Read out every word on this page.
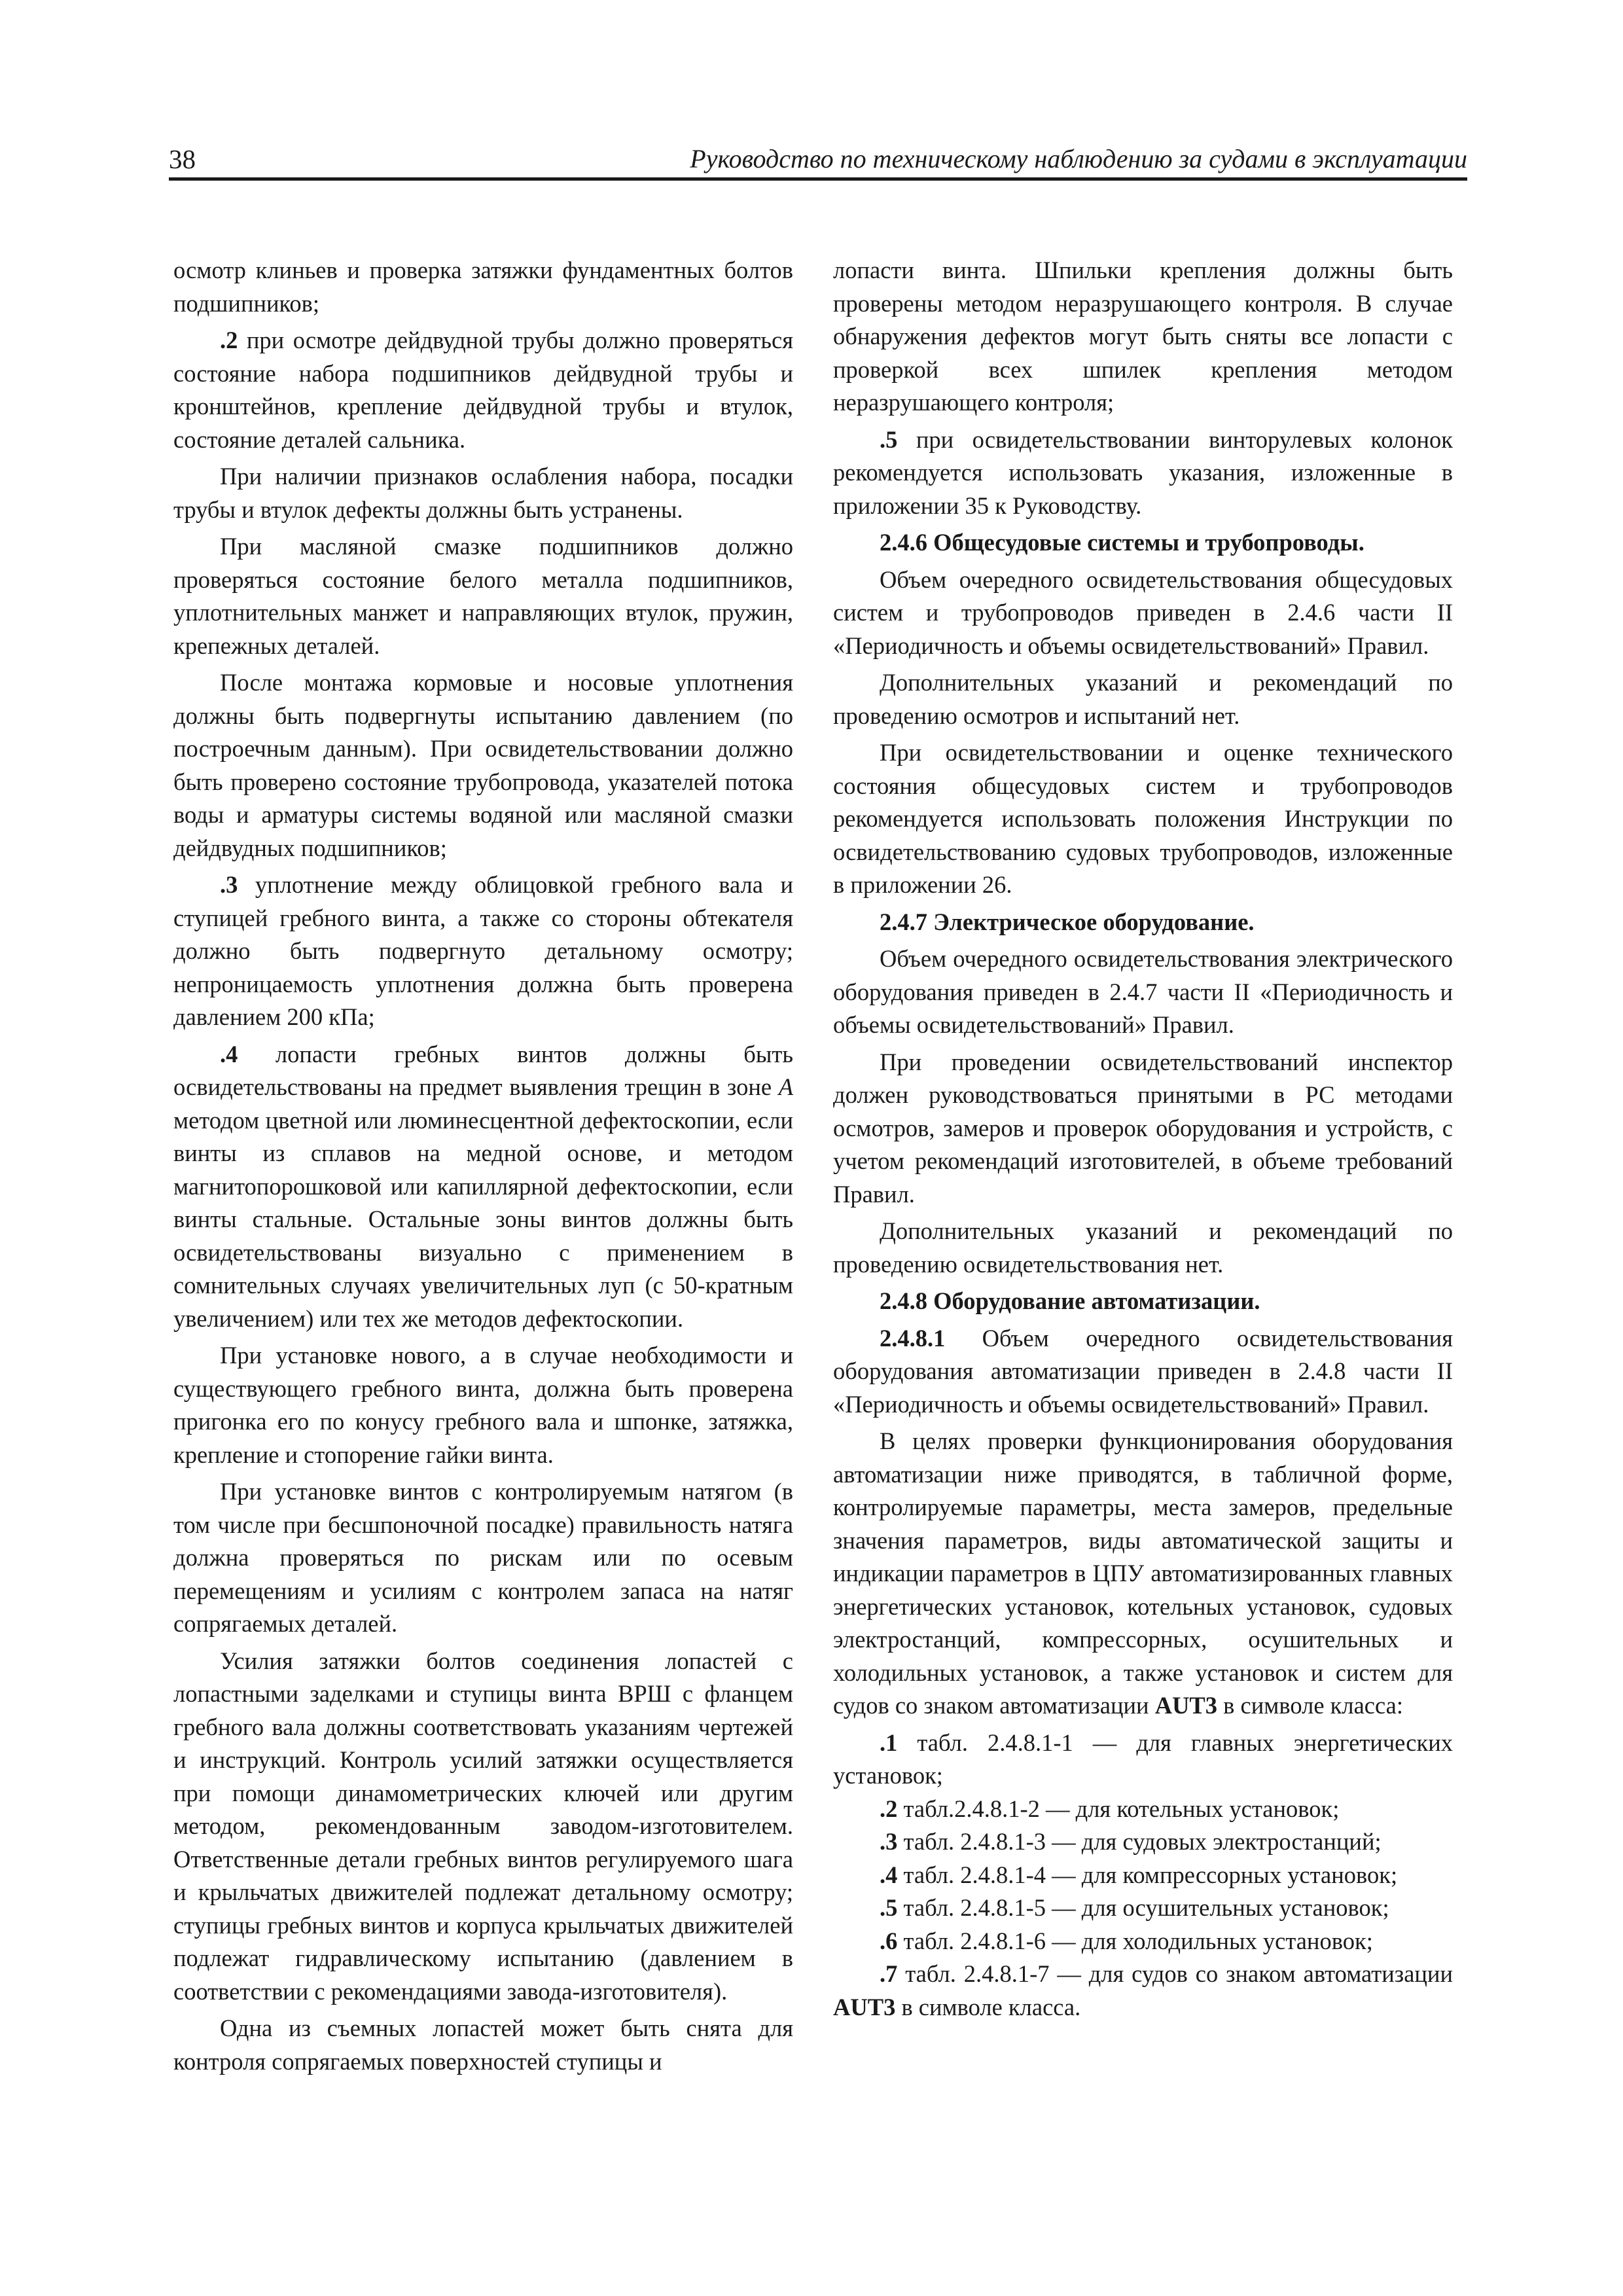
38	Руководство по техническому наблюдению за судами в эксплуатации

осмотр клиньев и проверка затяжки фундаментных болтов подшипников;

.2 при осмотре дейдвудной трубы должно проверяться состояние набора подшипников дейдвудной трубы и кронштейнов, крепление дейдвудной трубы и втулок, состояние деталей сальника.

При наличии признаков ослабления набора, посадки трубы и втулок дефекты должны быть устранены.

При масляной смазке подшипников должно проверяться состояние белого металла подшипников, уплотнительных манжет и направляющих втулок, пружин, крепежных деталей.

После монтажа кормовые и носовые уплотнения должны быть подвергнуты испытанию давлением (по построечным данным). При освидетельствовании должно быть проверено состояние трубопровода, указателей потока воды и арматуры системы водяной или масляной смазки дейдвудных подшипников;

.3 уплотнение между облицовкой гребного вала и ступицей гребного винта, а также со стороны обтекателя должно быть подвергнуто детальному осмотру; непроницаемость уплотнения должна быть проверена давлением 200 кПа;

.4 лопасти гребных винтов должны быть освидетельствованы на предмет выявления трещин в зоне А методом цветной или люминесцентной дефектоскопии, если винты из сплавов на медной основе, и методом магнитопорошковой или капиллярной дефектоскопии, если винты стальные. Остальные зоны винтов должны быть освидетельствованы визуально с применением в сомнительных случаях увеличительных луп (с 50-кратным увеличением) или тех же методов дефектоскопии.

При установке нового, а в случае необходимости и существующего гребного винта, должна быть проверена пригонка его по конусу гребного вала и шпонке, затяжка, крепление и стопорение гайки винта.

При установке винтов с контролируемым натягом (в том числе при бесшпоночной посадке) правильность натяга должна проверяться по рискам или по осевым перемещениям и усилиям с контролем запаса на натяг сопрягаемых деталей.

Усилия затяжки болтов соединения лопастей с лопастными заделками и ступицы винта ВРШ с фланцем гребного вала должны соответствовать указаниям чертежей и инструкций. Контроль усилий затяжки осуществляется при помощи динамометрических ключей или другим методом, рекомендованным заводом-изготовителем. Ответственные детали гребных винтов регулируемого шага и крыльчатых движителей подлежат детальному осмотру; ступицы гребных винтов и корпуса крыльчатых движителей подлежат гидравлическому испытанию (давлением в соответствии с рекомендациями завода-изготовителя).

Одна из съемных лопастей может быть снята для контроля сопрягаемых поверхностей ступицы и

лопасти винта. Шпильки крепления должны быть проверены методом неразрушающего контроля. В случае обнаружения дефектов могут быть сняты все лопасти с проверкой всех шпилек крепления методом неразрушающего контроля;

.5 при освидетельствовании винторулевых колонок рекомендуется использовать указания, изложенные в приложении 35 к Руководству.

2.4.6 Общесудовые системы и трубопроводы.

Объем очередного освидетельствования общесудовых систем и трубопроводов приведен в 2.4.6 части II «Периодичность и объемы освидетельствований» Правил.

Дополнительных указаний и рекомендаций по проведению осмотров и испытаний нет.

При освидетельствовании и оценке технического состояния общесудовых систем и трубопроводов рекомендуется использовать положения Инструкции по освидетельствованию судовых трубопроводов, изложенные в приложении 26.

2.4.7 Электрическое оборудование.

Объем очередного освидетельствования электрического оборудования приведен в 2.4.7 части II «Периодичность и объемы освидетельствований» Правил.

При проведении освидетельствований инспектор должен руководствоваться принятыми в РС методами осмотров, замеров и проверок оборудования и устройств, с учетом рекомендаций изготовителей, в объеме требований Правил.

Дополнительных указаний и рекомендаций по проведению освидетельствования нет.

2.4.8 Оборудование автоматизации.

2.4.8.1 Объем очередного освидетельствования оборудования автоматизации приведен в 2.4.8 части II «Периодичность и объемы освидетельствований» Правил.

В целях проверки функционирования оборудования автоматизации ниже приводятся, в табличной форме, контролируемые параметры, места замеров, предельные значения параметров, виды автоматической защиты и индикации параметров в ЦПУ автоматизированных главных энергетических установок, котельных установок, судовых электростанций, компрессорных, осушительных и холодильных установок, а также установок и систем для судов со знаком автоматизации AUT3 в символе класса:

.1 табл. 2.4.8.1-1 — для главных энергетических установок;

.2 табл.2.4.8.1-2 — для котельных установок;

.3 табл. 2.4.8.1-3 — для судовых электростанций;

.4 табл. 2.4.8.1-4 — для компрессорных установок;

.5 табл. 2.4.8.1-5 — для осушительных установок;

.6 табл. 2.4.8.1-6 — для холодильных установок;

.7 табл. 2.4.8.1-7 — для судов со знаком автоматизации AUT3 в символе класса.
